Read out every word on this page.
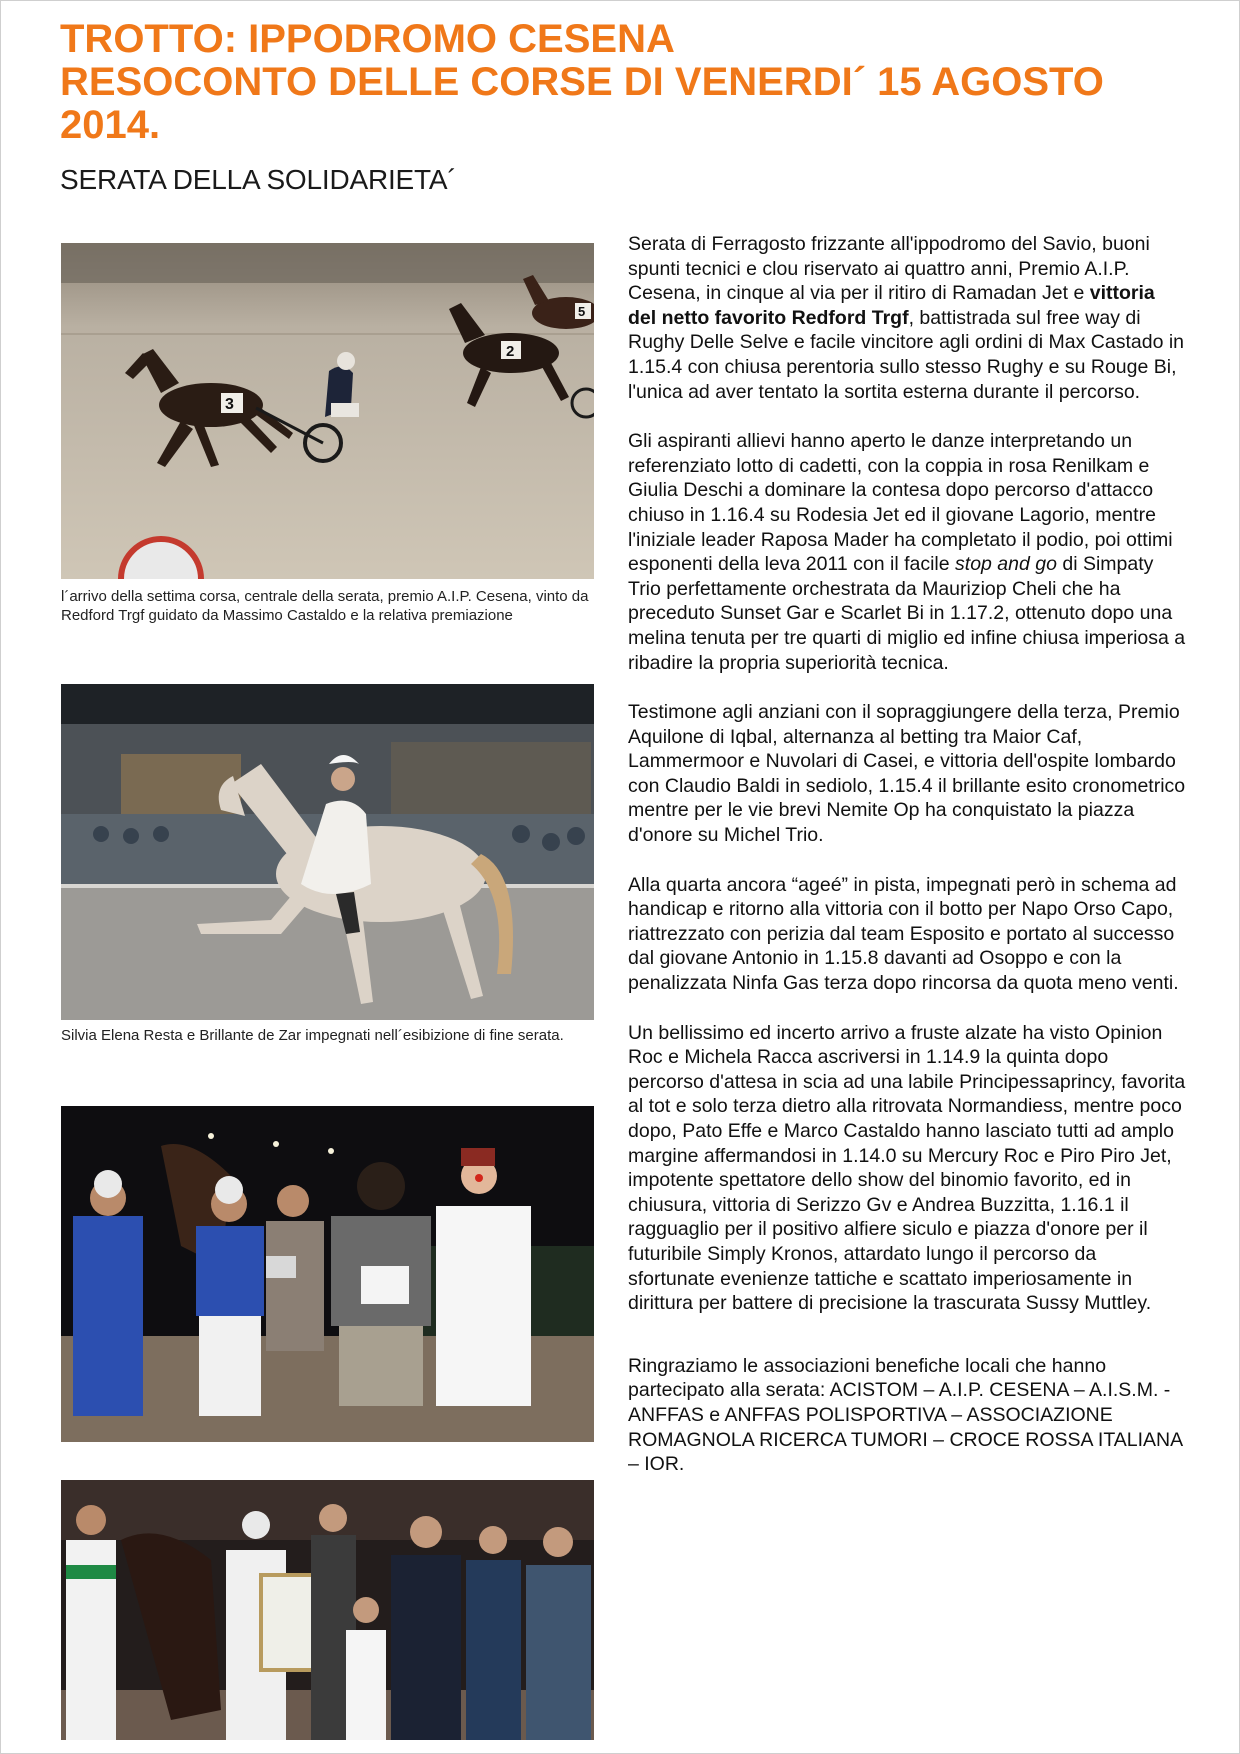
TROTTO: IPPODROMO CESENA
RESOCONTO DELLE CORSE DI VENERDI´ 15 AGOSTO
2014.
SERATA DELLA SOLIDARIETA´
3
2
5

l´arrivo della settima corsa, centrale della serata, premio A.I.P. Cesena, vinto da Redford Trgf guidato da Massimo Castaldo e la relativa premiazione

Silvia Elena Resta e Brillante de Zar impegnati nell´esibizione di fine serata.

Serata di Ferragosto frizzante all'ippodromo del Savio, buoni spunti tecnici e clou riservato ai quattro anni, Premio A.I.P. Cesena, in cinque al via per il ritiro di Ramadan Jet e vittoria del netto favorito Redford Trgf, battistrada sul free way di Rughy Delle Selve e facile vincitore agli ordini di Max Castado in 1.15.4 con chiusa perentoria sullo stesso Rughy e su Rouge Bi, l'unica ad aver tentato la sortita esterna durante il percorso.

Gli aspiranti allievi hanno aperto le danze interpretando un referenziato lotto di cadetti, con la coppia in rosa Renilkam e Giulia Deschi a dominare la contesa dopo percorso d'attacco chiuso in 1.16.4 su Rodesia Jet ed il giovane Lagorio, mentre l'iniziale leader Raposa Mader ha completato il podio, poi ottimi esponenti della leva 2011 con il facile stop and go di Simpaty Trio perfettamente orchestrata da Mauriziop Cheli che ha preceduto Sunset Gar e Scarlet Bi in 1.17.2, ottenuto dopo una melina tenuta per tre quarti di miglio ed infine chiusa imperiosa a ribadire la propria superiorità tecnica.

Testimone agli anziani con il sopraggiungere della terza, Premio Aquilone di Iqbal, alternanza al betting tra Maior Caf, Lammermoor e Nuvolari di Casei, e vittoria dell'ospite lombardo con Claudio Baldi in sediolo, 1.15.4 il brillante esito cronometrico mentre per le vie brevi Nemite Op ha conquistato la piazza d'onore su Michel Trio.

Alla quarta ancora “ageé” in pista, impegnati però in schema ad handicap e ritorno alla vittoria con il botto per Napo Orso Capo, riattrezzato con perizia dal team Esposito e portato al successo dal giovane Antonio in 1.15.8 davanti ad Osoppo e con la penalizzata Ninfa Gas terza dopo rincorsa da quota meno venti.

Un bellissimo ed incerto arrivo a fruste alzate ha visto Opinion Roc e Michela Racca ascriversi in 1.14.9 la quinta dopo percorso d'attesa in scia ad una labile Principessaprincy, favorita al tot e solo terza dietro alla ritrovata Normandiess, mentre poco dopo, Pato Effe e Marco Castaldo hanno lasciato tutti ad amplo margine affermandosi in 1.14.0 su Mercury Roc e Piro Piro Jet, impotente spettatore dello show del binomio favorito, ed in chiusura, vittoria di Serizzo Gv e Andrea Buzzitta, 1.16.1 il ragguaglio per il positivo alfiere siculo e piazza d'onore per il futuribile Simply Kronos, attardato lungo il percorso da sfortunate evenienze tattiche e scattato imperiosamente in dirittura per battere di precisione la trascurata Sussy Muttley.

Ringraziamo le associazioni benefiche locali che hanno partecipato alla serata: ACISTOM – A.I.P. CESENA – A.I.S.M. - ANFFAS e ANFFAS POLISPORTIVA – ASSOCIAZIONE ROMAGNOLA RICERCA TUMORI – CROCE ROSSA ITALIANA – IOR.
